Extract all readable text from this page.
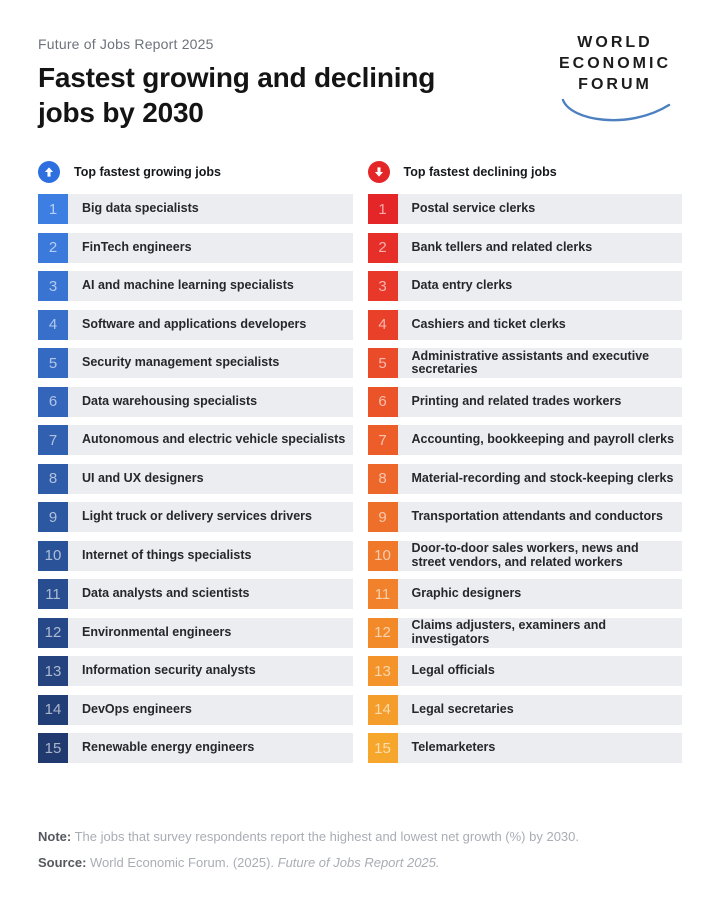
Future of Jobs Report 2025
Fastest growing and declining
jobs by 2030
WORLD
ECONOMIC
FORUM
Top fastest growing jobs
1	Big data specialists
2	FinTech engineers
3	AI and machine learning specialists
4	Software and applications developers
5	Security management specialists
6	Data warehousing specialists
7	Autonomous and electric vehicle specialists
8	UI and UX designers
9	Light truck or delivery services drivers
10	Internet of things specialists
11	Data analysts and scientists
12	Environmental engineers
13	Information security analysts
14	DevOps engineers
15	Renewable energy engineers
Top fastest declining jobs
1	Postal service clerks
2	Bank tellers and related clerks
3	Data entry clerks
4	Cashiers and ticket clerks
5	Administrative assistants and executive secretaries
6	Printing and related trades workers
7	Accounting, bookkeeping and payroll clerks
8	Material-recording and stock-keeping clerks
9	Transportation attendants and conductors
10	Door-to-door sales workers, news and street vendors, and related workers
11	Graphic designers
12	Claims adjusters, examiners and investigators
13	Legal officials
14	Legal secretaries
15	Telemarketers

Note: The jobs that survey respondents report the highest and lowest net growth (%) by 2030.

Source: World Economic Forum. (2025). Future of Jobs Report 2025.
